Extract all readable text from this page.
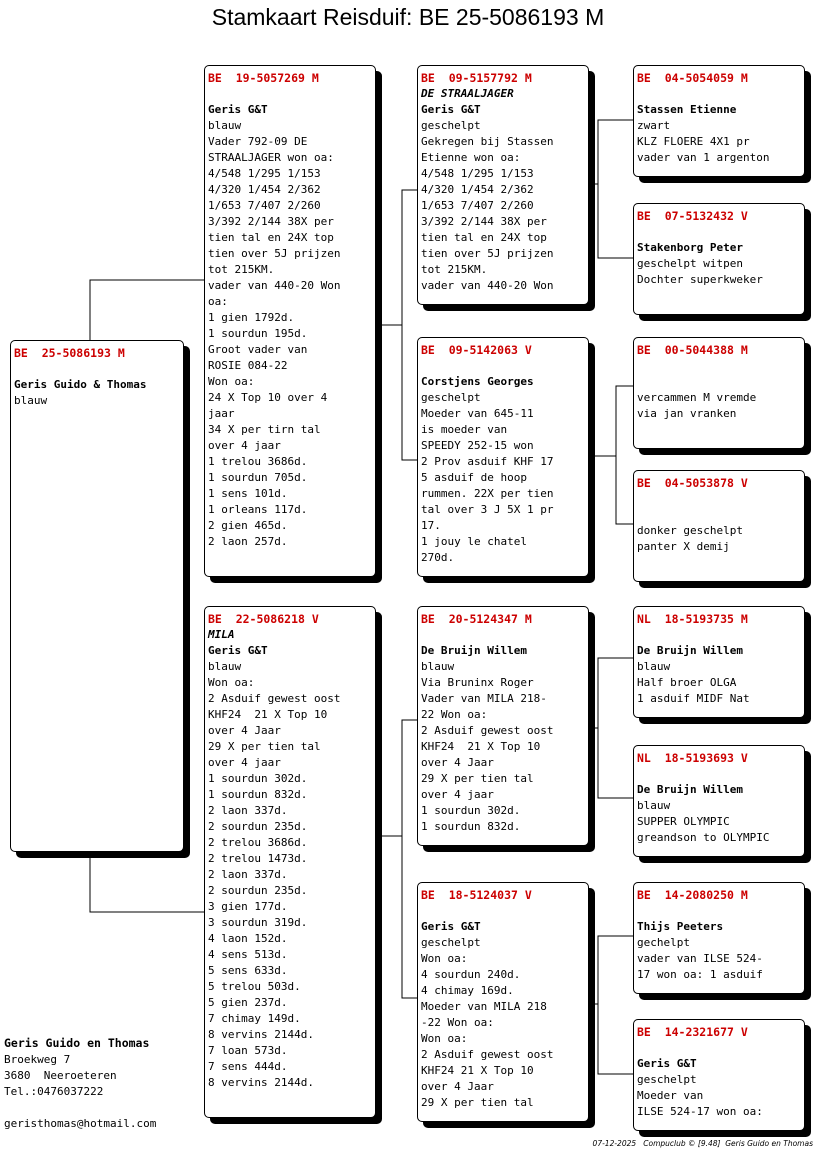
Stamkaart Reisduif: BE 25-5086193 M
BE  25-5086193 M
Geris Guido & Thomas
blauw
BE  19-5057269 M
Geris G&T
blauw
Vader 792-09 DE
STRAALJAGER won oa:
4/548 1/295 1/153
4/320 1/454 2/362
1/653 7/407 2/260
3/392 2/144 38X per
tien tal en 24X top
tien over 5J prijzen
tot 215KM.
vader van 440-20 Won
oa:
1 gien 1792d.
1 sourdun 195d.
Groot vader van
ROSIE 084-22
Won oa:
24 X Top 10 over 4
jaar
34 X per tirn tal
over 4 jaar
1 trelou 3686d.
1 sourdun 705d.
1 sens 101d.
1 orleans 117d.
2 gien 465d.
2 laon 257d.
BE  22-5086218 V
MILA
Geris G&T
blauw
Won oa:
2 Asduif gewest oost
KHF24  21 X Top 10
over 4 Jaar
29 X per tien tal
over 4 jaar
1 sourdun 302d.
1 sourdun 832d.
2 laon 337d.
2 sourdun 235d.
2 trelou 3686d.
2 trelou 1473d.
2 laon 337d.
2 sourdun 235d.
3 gien 177d.
3 sourdun 319d.
4 laon 152d.
4 sens 513d.
5 sens 633d.
5 trelou 503d.
5 gien 237d.
7 chimay 149d.
8 vervins 2144d.
7 loan 573d.
7 sens 444d.
8 vervins 2144d.
BE  09-5157792 M
DE STRAALJAGER
Geris G&T
geschelpt
Gekregen bij Stassen
Etienne won oa:
4/548 1/295 1/153
4/320 1/454 2/362
1/653 7/407 2/260
3/392 2/144 38X per
tien tal en 24X top
tien over 5J prijzen
tot 215KM.
vader van 440-20 Won
BE  09-5142063 V
Corstjens Georges
geschelpt
Moeder van 645-11
is moeder van
SPEEDY 252-15 won
2 Prov asduif KHF 17
5 asduif de hoop
rummen. 22X per tien
tal over 3 J 5X 1 pr
17.
1 jouy le chatel
270d.
BE  20-5124347 M
De Bruijn Willem
blauw
Via Bruninx Roger
Vader van MILA 218-
22 Won oa:
2 Asduif gewest oost
KHF24  21 X Top 10
over 4 Jaar
29 X per tien tal
over 4 jaar
1 sourdun 302d.
1 sourdun 832d.
BE  18-5124037 V
Geris G&T
geschelpt
Won oa:
4 sourdun 240d.
4 chimay 169d.
Moeder van MILA 218
-22 Won oa:
Won oa:
2 Asduif gewest oost
KHF24 21 X Top 10
over 4 Jaar
29 X per tien tal
BE  04-5054059 M
Stassen Etienne
zwart
KLZ FLOERE 4X1 pr
vader van 1 argenton
BE  07-5132432 V
Stakenborg Peter
geschelpt witpen
Dochter superkweker
BE  00-5044388 M

vercammen M vremde
via jan vranken
BE  04-5053878 V

donker geschelpt
panter X demij
NL  18-5193735 M
De Bruijn Willem
blauw
Half broer OLGA
1 asduif MIDF Nat
NL  18-5193693 V
De Bruijn Willem
blauw
SUPPER OLYMPIC
greandson to OLYMPIC
BE  14-2080250 M
Thijs Peeters
gechelpt
vader van ILSE 524-
17 won oa: 1 asduif
BE  14-2321677 V
Geris G&T
geschelpt
Moeder van
ILSE 524-17 won oa:
Geris Guido en Thomas
Broekweg 7
3680  Neeroeteren
Tel.:0476037222
geristhomas@hotmail.com
07-12-2025   Compuclub © [9.48]  Geris Guido en Thomas
